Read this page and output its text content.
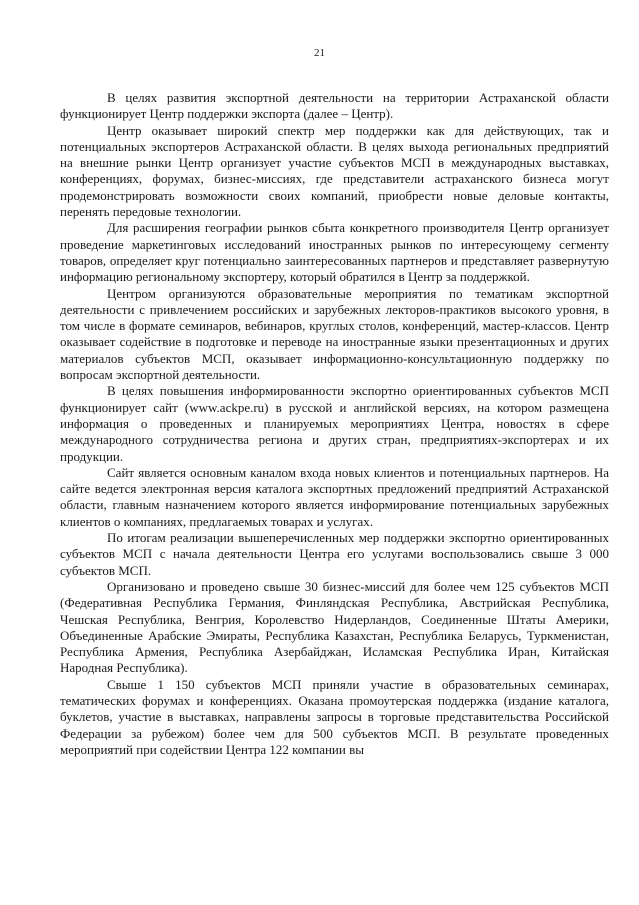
21

В целях развития экспортной деятельности на территории Астраханской области функционирует Центр поддержки экспорта (далее – Центр).

Центр оказывает широкий спектр мер поддержки как для действующих, так и потенциальных экспортеров Астраханской области. В целях выхода региональных предприятий на внешние рынки Центр организует участие субъектов МСП в международных выставках, конференциях, форумах, бизнес-миссиях, где представители астраханского бизнеса могут продемонстрировать возможности своих компаний, приобрести новые деловые контакты, перенять передовые технологии.

Для расширения географии рынков сбыта конкретного производителя Центр организует проведение маркетинговых исследований иностранных рынков по интересующему сегменту товаров, определяет круг потенциально заинтересованных партнеров и представляет развернутую информацию региональному экспортеру, который обратился в Центр за поддержкой.

Центром организуются образовательные мероприятия по тематикам экспортной деятельности с привлечением российских и зарубежных лекторов-практиков высокого уровня, в том числе в формате семинаров, вебинаров, круглых столов, конференций, мастер-классов. Центр оказывает содействие в подготовке и переводе на иностранные языки презентационных и других материалов субъектов МСП, оказывает информационно-консультационную поддержку по вопросам экспортной деятельности.

В целях повышения информированности экспортно ориентированных субъектов МСП функционирует сайт (www.ackpe.ru) в русской и английской версиях, на котором размещена информация о проведенных и планируемых мероприятиях Центра, новостях в сфере международного сотрудничества региона и других стран, предприятиях-экспортерах и их продукции.

Сайт является основным каналом входа новых клиентов и потенциальных партнеров. На сайте ведется электронная версия каталога экспортных предложений предприятий Астраханской области, главным назначением которого является информирование потенциальных зарубежных клиентов о компаниях, предлагаемых товарах и услугах.

По итогам реализации вышеперечисленных мер поддержки экспортно ориентированных субъектов МСП с начала деятельности Центра его услугами воспользовались свыше 3 000 субъектов МСП.

Организовано и проведено свыше 30 бизнес-миссий для более чем 125 субъектов МСП (Федеративная Республика Германия, Финляндская Республика, Австрийская Республика, Чешская Республика, Венгрия, Королевство Нидерландов, Соединенные Штаты Америки, Объединенные Арабские Эмираты, Республика Казахстан, Республика Беларусь, Туркменистан, Республика Армения, Республика Азербайджан, Исламская Республика Иран, Китайская Народная Республика).

Свыше 1 150 субъектов МСП приняли участие в образовательных семинарах, тематических форумах и конференциях. Оказана промоутерская поддержка (издание каталога, буклетов, участие в выставках, направлены запросы в торговые представительства Российской Федерации за рубежом) более чем для 500 субъектов МСП. В результате проведенных мероприятий при содействии Центра 122 компании вы
